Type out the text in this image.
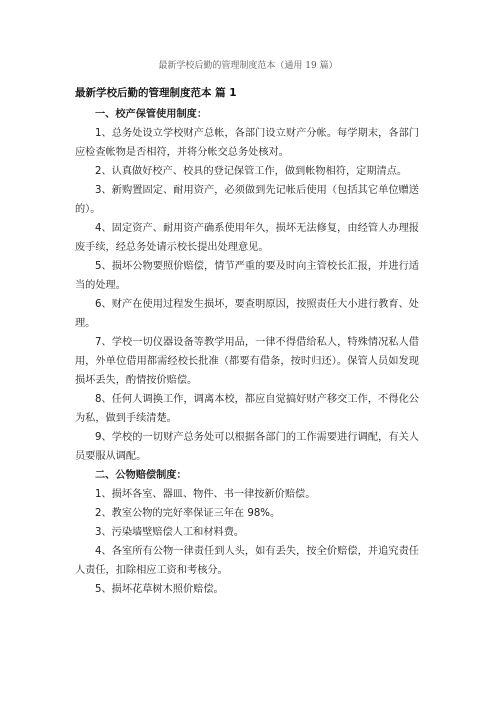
最新学校后勤的管理制度范本（通用 19 篇）
最新学校后勤的管理制度范本 篇 1

一、校产保管使用制度：

1、总务处设立学校财产总帐，各部门设立财产分帐。每学期末，各部门应检查帐物是否相符，并将分帐交总务处核对。

2、认真做好校产、校具的登记保管工作，做到帐物相符，定期清点。

3、新购置固定、耐用资产，必须做到先记帐后使用（包括其它单位赠送的）。

4、固定资产、耐用资产确系使用年久，损坏无法修复，由经管人办理报废手续，经总务处请示校长提出处理意见。

5、损坏公物要照价赔偿，情节严重的要及时向主管校长汇报，并进行适当的处理。

6、财产在使用过程发生损坏，要查明原因，按照责任大小进行教育、处理。

7、学校一切仪器设备等教学用品，一律不得借给私人，特殊情况私人借用，外单位借用都需经校长批准（都要有借条，按时归还）。保管人员如发现损坏丢失，酌情按价赔偿。

8、任何人调换工作，调离本校，都应自觉搞好财产移交工作，不得化公为私，做到手续清楚。

9、学校的一切财产总务处可以根据各部门的工作需要进行调配，有关人员要服从调配。

二、公物赔偿制度：

1、损坏各室、器皿、物件、书一律按新价赔偿。

2、教室公物的完好率保证三年在 98%。

3、污染墙壁赔偿人工和材料费。

4、各室所有公物一律责任到人头，如有丢失，按全价赔偿，并追究责任人责任，扣除相应工资和考核分。

5、损坏花草树木照价赔偿。
